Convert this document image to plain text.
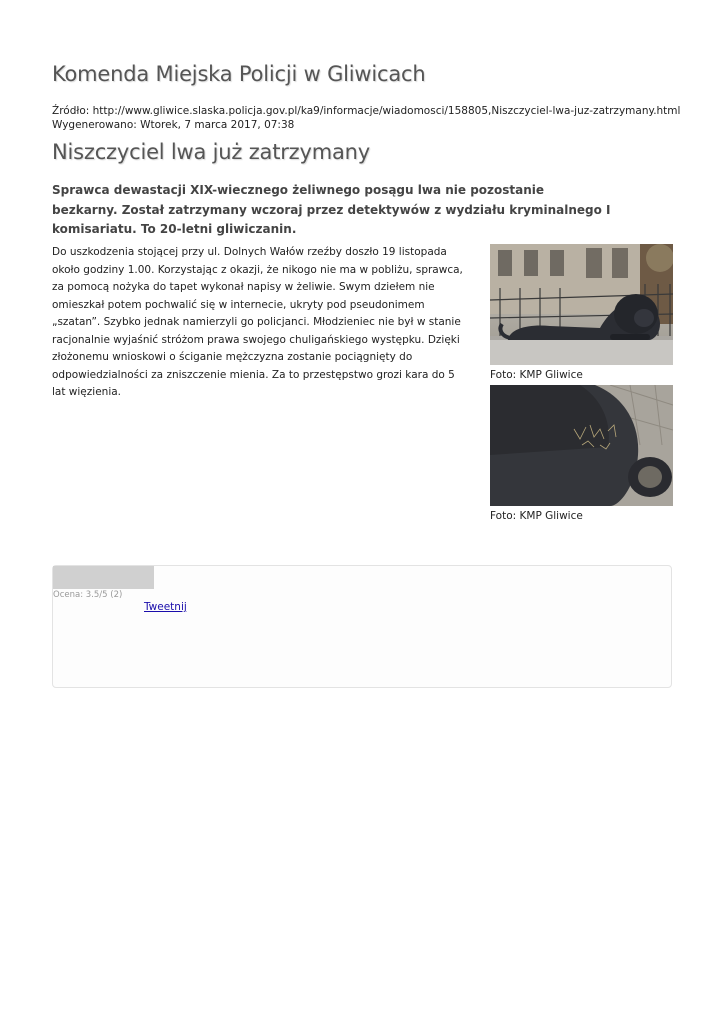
Komenda Miejska Policji w Gliwicach
Źródło: http://www.gliwice.slaska.policja.gov.pl/ka9/informacje/wiadomosci/158805,Niszczyciel-lwa-juz-zatrzymany.html
Wygenerowano: Wtorek, 7 marca 2017, 07:38
Niszczyciel lwa już zatrzymany
Sprawca dewastacji XIX-wiecznego żeliwnego posągu lwa nie pozostanie bezkarny. Został zatrzymany wczoraj przez detektywów z wydziału kryminalnego I komisariatu. To 20-letni gliwiczanin.
Do uszkodzenia stojącej przy ul. Dolnych Wałów rzeźby doszło 19 listopada około godziny 1.00. Korzystając z okazji, że nikogo nie ma w pobliżu, sprawca, za pomocą nożyka do tapet wykonał napisy w żeliwie. Swym dziełem nie omieszkał potem pochwalić się w internecie, ukryty pod pseudonimem „szatan”. Szybko jednak namierzyli go policjanci. Młodzieniec nie był w stanie racjonalnie wyjaśnić stróżom prawa swojego chuligańskiego występku. Dzięki złożonemu wnioskowi o ściganie mężczyzna zostanie pociągnięty do odpowiedzialności za zniszczenie mienia. Za to przestępstwo grozi kara do 5 lat więzienia.
Foto: KMP Gliwice
Foto: KMP Gliwice
Ocena: 3.5/5 (2)
Tweetnij
